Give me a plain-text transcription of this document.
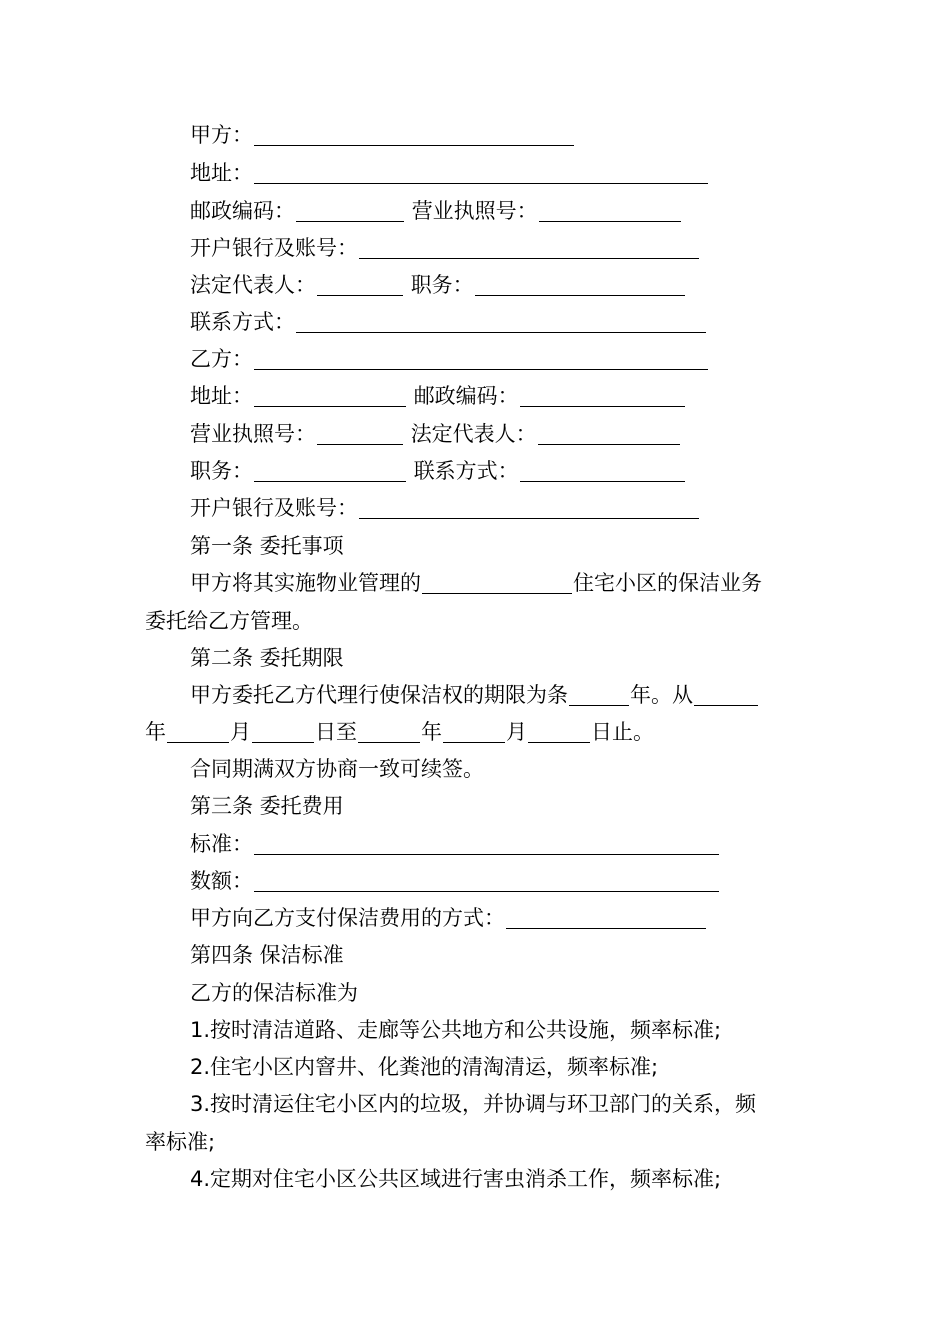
甲方：
地址：
邮政编码：	营业执照号：
开户银行及账号：
法定代表人：	职务：
联系方式：
乙方：
地址：	邮政编码：
营业执照号：	法定代表人：
职务：	联系方式：
开户银行及账号：
第一条 委托事项
甲方将其实施物业管理的	住宅小区的保洁业务
委托给乙方管理。
第二条 委托期限
甲方委托乙方代理行使保洁权的期限为条	年。从
年	月	日至	年	月	日止。
合同期满双方协商一致可续签。
第三条 委托费用
标准：
数额：
甲方向乙方支付保洁费用的方式：
第四条 保洁标准
乙方的保洁标准为
1.按时清洁道路、走廊等公共地方和公共设施，频率标准;
2.住宅小区内窨井、化粪池的清淘清运，频率标准;
3.按时清运住宅小区内的垃圾，并协调与环卫部门的关系，频
率标准;
4.定期对住宅小区公共区域进行害虫消杀工作，频率标准;
